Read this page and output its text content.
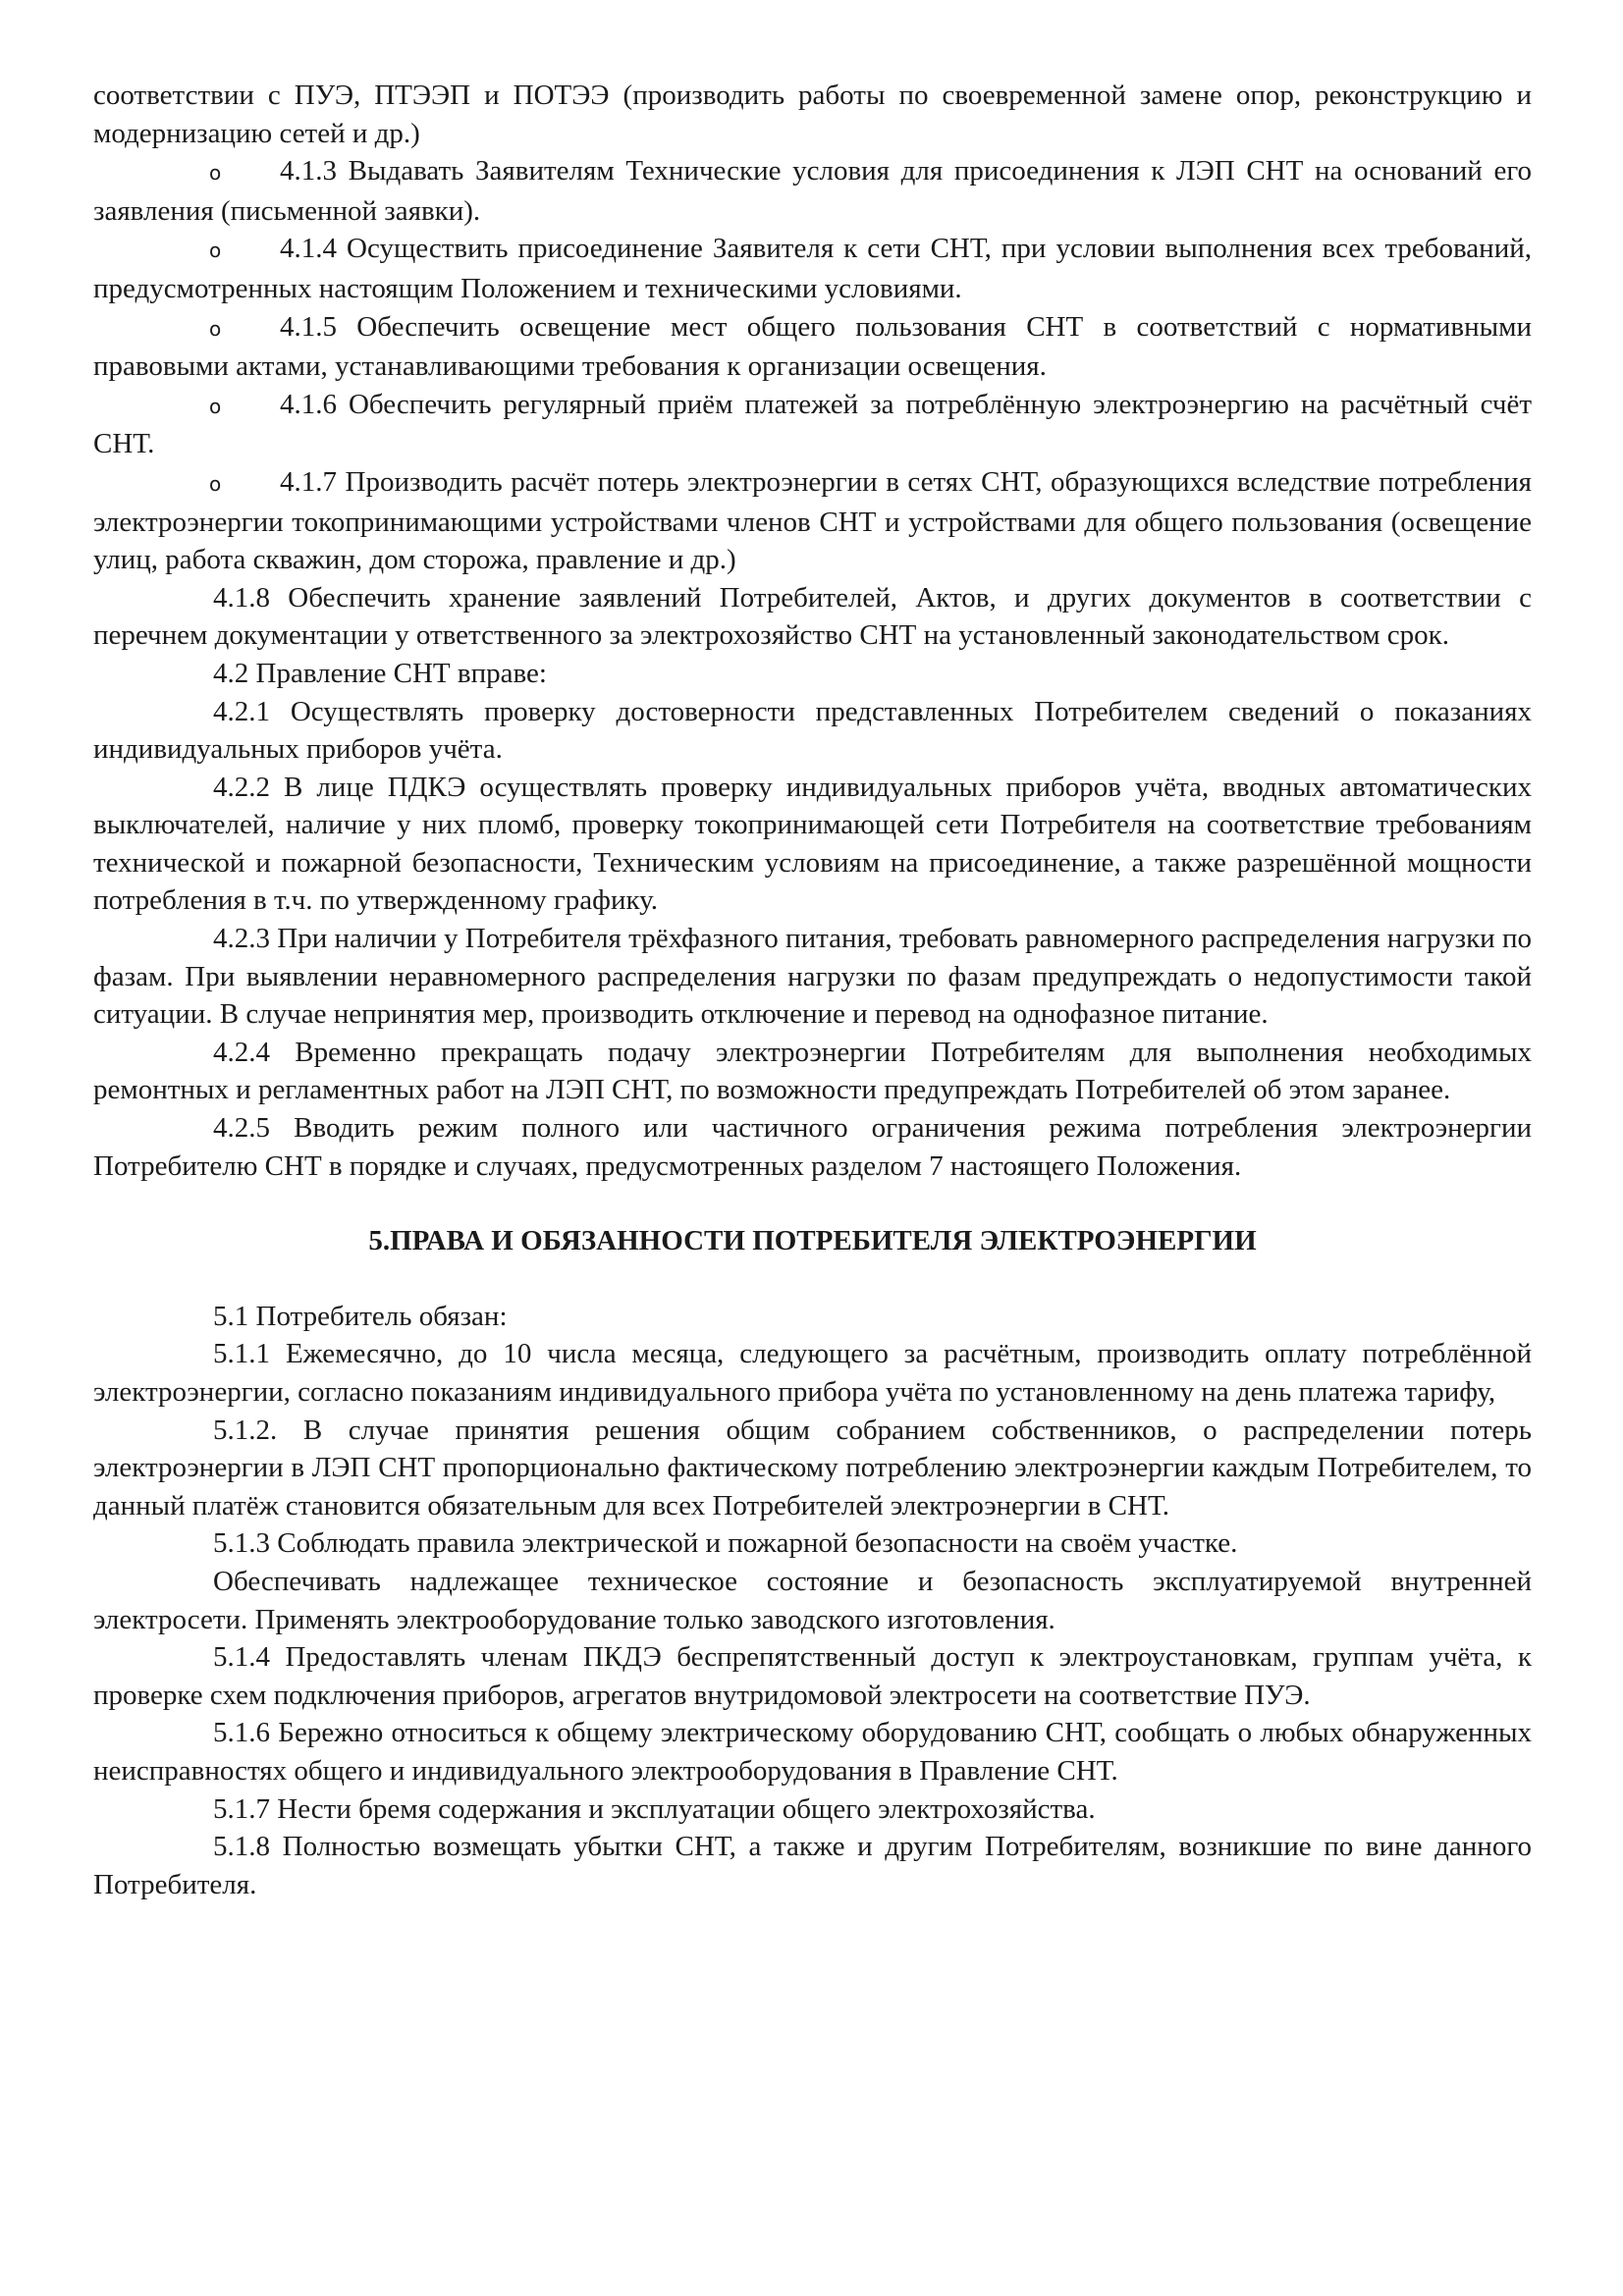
соответствии с ПУЭ, ПТЭЭП и ПОТЭЭ (производить работы по своевременной замене опор, реконструкцию и модернизацию сетей и др.)

o 4.1.3 Выдавать Заявителям Технические условия для присоединения к ЛЭП СНТ на оснований его заявления (письменной заявки).

o 4.1.4 Осуществить присоединение Заявителя к сети СНТ, при условии выполнения всех требований, предусмотренных настоящим Положением и техническими условиями.

o 4.1.5 Обеспечить освещение мест общего пользования СНТ в соответствий с нормативными правовыми актами, устанавливающими требования к организации освещения.

o 4.1.6 Обеспечить регулярный приём платежей за потреблённую электроэнергию на расчётный счёт СНТ.

o 4.1.7 Производить расчёт потерь электроэнергии в сетях СНТ, образующихся вследствие потребления электроэнергии токопринимающими устройствами членов СНТ и устройствами для общего пользования (освещение улиц, работа скважин, дом сторожа, правление и др.)

4.1.8 Обеспечить хранение заявлений Потребителей, Актов, и других документов в соответствии с перечнем документации у ответственного за электрохозяйство СНТ на установленный законодательством срок.

4.2 Правление СНТ вправе:

4.2.1 Осуществлять проверку достоверности представленных Потребителем сведений о показаниях индивидуальных приборов учёта.

4.2.2 В лице ПДКЭ осуществлять проверку индивидуальных приборов учёта, вводных автоматических выключателей, наличие у них пломб, проверку токопринимающей сети Потребителя на соответствие требованиям технической и пожарной безопасности, Техническим условиям на присоединение, а также разрешённой мощности потребления в т.ч. по утвержденному графику.

4.2.3 При наличии у Потребителя трёхфазного питания, требовать равномерного распределения нагрузки по фазам. При выявлении неравномерного распределения нагрузки по фазам предупреждать о недопустимости такой ситуации. В случае непринятия мер, производить отключение и перевод на однофазное питание.

4.2.4 Временно прекращать подачу электроэнергии Потребителям для выполнения необходимых ремонтных и регламентных работ на ЛЭП СНТ, по возможности предупреждать Потребителей об этом заранее.

4.2.5 Вводить режим полного или частичного ограничения режима потребления электроэнергии Потребителю СНТ в порядке и случаях, предусмотренных разделом 7 настоящего Положения.

5.ПРАВА И ОБЯЗАННОСТИ ПОТРЕБИТЕЛЯ ЭЛЕКТРОЭНЕРГИИ

5.1 Потребитель обязан:

5.1.1 Ежемесячно, до 10 числа месяца, следующего за расчётным, производить оплату потреблённой электроэнергии, согласно показаниям индивидуального прибора учёта по установленному на день платежа тарифу,

5.1.2. В случае принятия решения общим собранием собственников, о распределении потерь электроэнергии в ЛЭП СНТ пропорционально фактическому потреблению электроэнергии каждым Потребителем, то данный платёж становится обязательным для всех Потребителей электроэнергии в СНТ.

5.1.3 Соблюдать правила электрической и пожарной безопасности на своём участке.

Обеспечивать надлежащее техническое состояние и безопасность эксплуатируемой внутренней электросети. Применять электрооборудование только заводского изготовления.

5.1.4 Предоставлять членам ПКДЭ беспрепятственный доступ к электроустановкам, группам учёта, к проверке схем подключения приборов, агрегатов внутридомовой электросети на соответствие ПУЭ.

5.1.6 Бережно относиться к общему электрическому оборудованию СНТ, сообщать о любых обнаруженных неисправностях общего и индивидуального электрооборудования в Правление СНТ.

5.1.7 Нести бремя содержания и эксплуатации общего электрохозяйства.

5.1.8 Полностью возмещать убытки СНТ, а также и другим Потребителям, возникшие по вине данного Потребителя.
